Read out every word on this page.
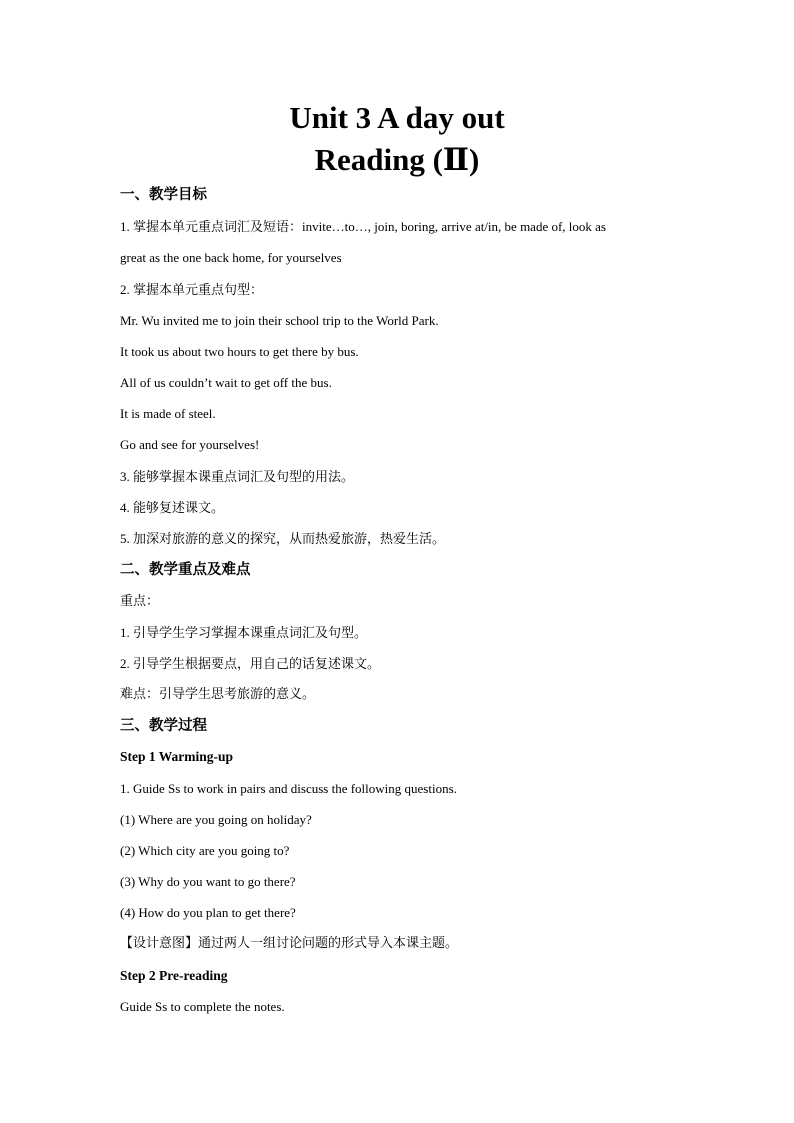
Unit 3 A day out
Reading (Ⅱ)
一、教学目标
1. 掌握本单元重点词汇及短语：invite…to…, join, boring, arrive at/in, be made of, look as
great as the one back home, for yourselves
2. 掌握本单元重点句型：
Mr. Wu invited me to join their school trip to the World Park.
It took us about two hours to get there by bus.
All of us couldn’t wait to get off the bus.
It is made of steel.
Go and see for yourselves!
3. 能够掌握本课重点词汇及句型的用法。
4. 能够复述课文。
5. 加深对旅游的意义的探究，从而热爱旅游，热爱生活。
二、教学重点及难点
重点：
1. 引导学生学习掌握本课重点词汇及句型。
2. 引导学生根据要点，用自己的话复述课文。
难点：引导学生思考旅游的意义。
三、教学过程
Step 1 Warming-up
1. Guide Ss to work in pairs and discuss the following questions.
(1) Where are you going on holiday?
(2) Which city are you going to?
(3) Why do you want to go there?
(4) How do you plan to get there?
【设计意图】通过两人一组讨论问题的形式导入本课主题。
Step 2 Pre-reading
Guide Ss to complete the notes.
